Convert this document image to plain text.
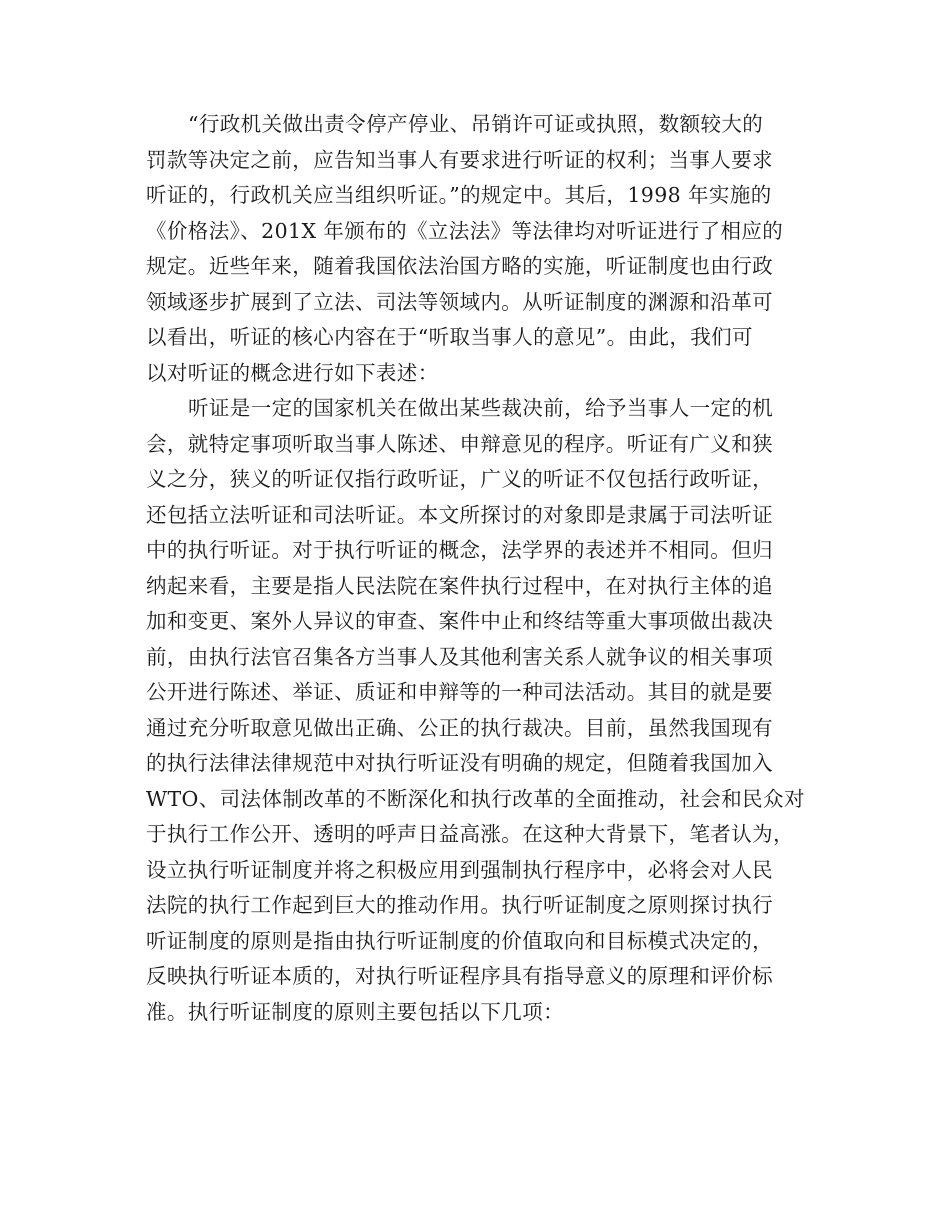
“行政机关做出责令停产停业、吊销许可证或执照，数额较大的
罚款等决定之前，应告知当事人有要求进行听证的权利；当事人要求
听证的，行政机关应当组织听证。”的规定中。其后，1998 年实施的
《价格法》、201X 年颁布的《立法法》等法律均对听证进行了相应的
规定。近些年来，随着我国依法治国方略的实施，听证制度也由行政
领域逐步扩展到了立法、司法等领域内。从听证制度的渊源和沿革可
以看出，听证的核心内容在于“听取当事人的意见”。由此，我们可
以对听证的概念进行如下表述：
听证是一定的国家机关在做出某些裁决前，给予当事人一定的机
会，就特定事项听取当事人陈述、申辩意见的程序。听证有广义和狭
义之分，狭义的听证仅指行政听证，广义的听证不仅包括行政听证，
还包括立法听证和司法听证。本文所探讨的对象即是隶属于司法听证
中的执行听证。对于执行听证的概念，法学界的表述并不相同。但归
纳起来看，主要是指人民法院在案件执行过程中，在对执行主体的追
加和变更、案外人异议的审查、案件中止和终结等重大事项做出裁决
前，由执行法官召集各方当事人及其他利害关系人就争议的相关事项
公开进行陈述、举证、质证和申辩等的一种司法活动。其目的就是要
通过充分听取意见做出正确、公正的执行裁决。目前，虽然我国现有
的执行法律法律规范中对执行听证没有明确的规定，但随着我国加入
WTO、司法体制改革的不断深化和执行改革的全面推动，社会和民众对
于执行工作公开、透明的呼声日益高涨。在这种大背景下，笔者认为，
设立执行听证制度并将之积极应用到强制执行程序中，必将会对人民
法院的执行工作起到巨大的推动作用。执行听证制度之原则探讨执行
听证制度的原则是指由执行听证制度的价值取向和目标模式决定的，
反映执行听证本质的，对执行听证程序具有指导意义的原理和评价标
准。执行听证制度的原则主要包括以下几项：
